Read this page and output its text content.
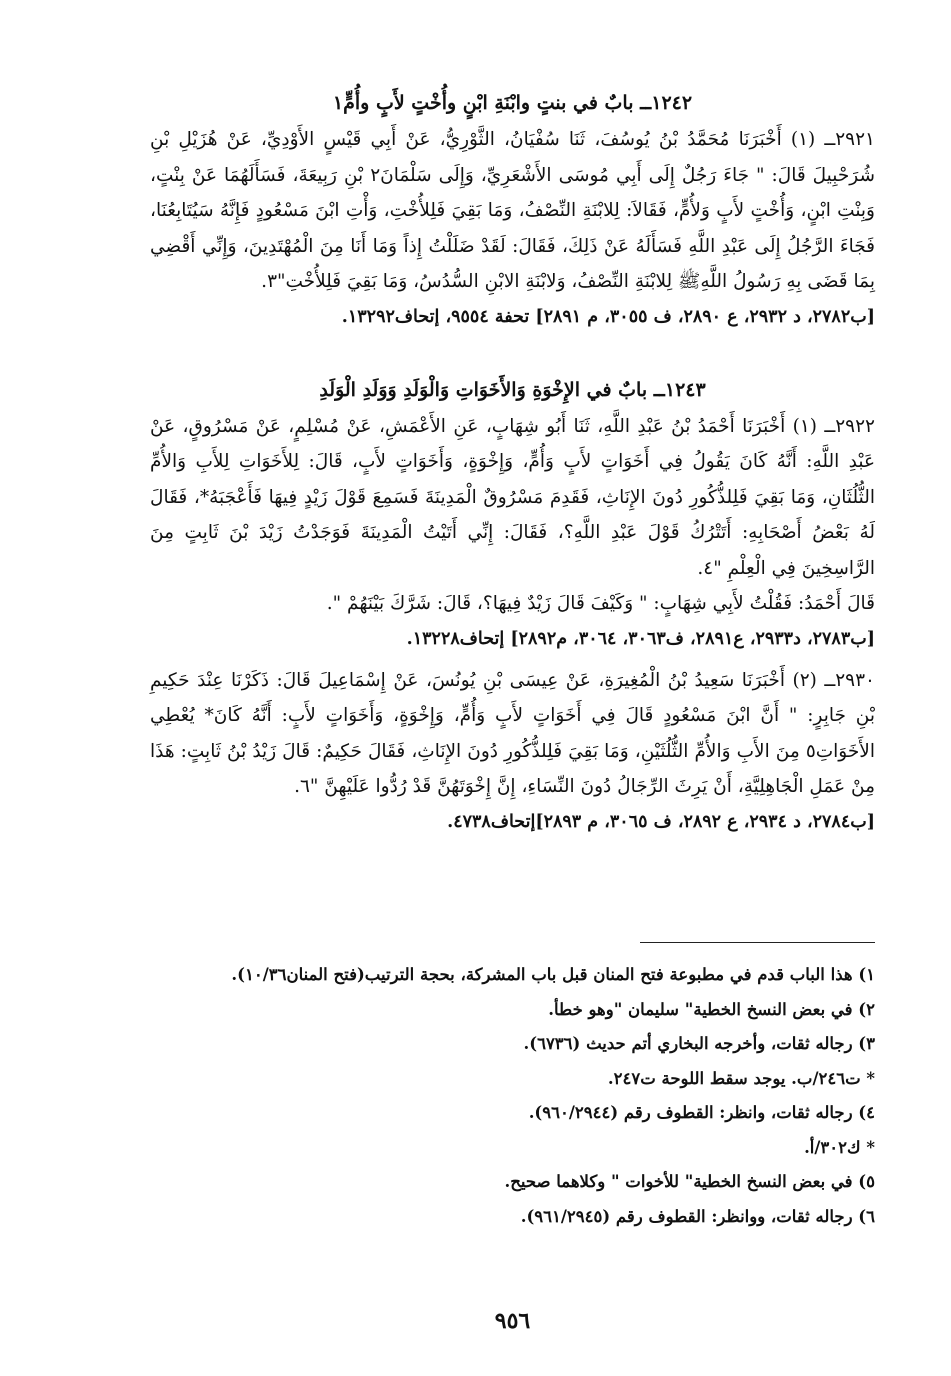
١٢٤٢ــ بابٌ في بنتٍ وابْنَةِ ابْنٍ وأُخْتٍ لأَبٍ وأُمٍّ١

٢٩٢١ــ (١) أَخْبَرَنَا مُحَمَّدُ بْنُ يُوسُفَ، ثَنَا سُفْيَانُ، الثَّوْرِيُّ، عَنْ أَبِي قَيْسٍ الأَوْدِيِّ، عَنْ هُزَيْلِ بْنِ شُرَحْبِيلَ قَالَ: " جَاءَ رَجُلٌ إِلَى أَبِي مُوسَى الأَشْعَرِيِّ، وَإِلَى سَلْمَانَ٢ بْنِ رَبِيعَةَ، فَسَأَلَهُمَا عَنْ بِنْتٍ، وَبِنْتِ ابْنٍ، وَأُخْتٍ لأَبٍ وَلأُمٍّ، فَقَالاَ: لِلابْنَةِ النِّصْفُ، وَمَا بَقِيَ فَلِلأُخْتِ، وَأْتِ ابْنَ مَسْعُودٍ فَإِنَّهُ سَيُتَابِعُنَا، فَجَاءَ الرَّجُلُ إِلَى عَبْدِ اللَّهِ فَسَأَلَهُ عَنْ ذَلِكَ، فَقَالَ: لَقَدْ ضَلَلْتُ إِذاً وَمَا أَنَا مِنَ الْمُهْتَدِينَ، وَإِنِّي أَقْضِي بِمَا قَضَى بِهِ رَسُولُ اللَّهِﷺ لِلابْنَةِ النِّصْفُ، وَلابْنَةِ الابْنِ السُّدُسُ، وَمَا بَقِيَ فَلِلأُخْتِ"٣.

[ب٢٧٨٢، د ٢٩٣٢، ع ٢٨٩٠، ف ٣٠٥٥، م ٢٨٩١] تحفة ٩٥٥٤، إتحاف١٣٢٩٢.

١٢٤٣ــ بابٌ في الإِخْوَةِ وَالأَخَوَاتِ وَالْوَلَدِ وَوَلَدِ الْوَلَدِ

٢٩٢٢ــ (١) أَخْبَرَنَا أَحْمَدُ بْنُ عَبْدِ اللَّهِ، ثَنَا أَبُو شِهَابٍ، عَنِ الأَعْمَشِ، عَنْ مُسْلِمٍ، عَنْ مَسْرُوقٍ، عَنْ عَبْدِ اللَّهِ: أَنَّهُ كَانَ يَقُولُ فِي أَخَوَاتٍ لأَبٍ وَأُمٍّ، وَإِخْوَةٍ، وَأَخَوَاتٍ لأَبٍ، قَالَ: لِلأَخَوَاتِ لِلأَبِ وَالأُمِّ الثُّلُثَانِ، وَمَا بَقِيَ فَلِلذُّكُورِ دُونَ الإِنَاثِ، فَقَدِمَ مَسْرُوقٌ الْمَدِينَةَ فَسَمِعَ قَوْلَ زَيْدٍ فِيهَا فَأَعْجَبَهُ*، فَقَالَ لَهُ بَعْضُ أَصْحَابِهِ: أَتَتْرُكُ قَوْلَ عَبْدِ اللَّهِ؟، فَقَالَ: إِنِّي أَتَيْتُ الْمَدِينَةَ فَوَجَدْتُ زَيْدَ بْنَ ثَابِتٍ مِنَ الرَّاسِخِينَ فِي الْعِلْمِ "٤.

قَالَ أَحْمَدُ: فَقُلْتُ لأَبِي شِهَابٍ: " وَكَيْفَ قَالَ زَيْدٌ فِيهَا؟، قَالَ: شَرَّكَ بَيْنَهُمْ ".

[ب٢٧٨٣، د٢٩٣٣، ع٢٨٩١، ف٣٠٦٣، ٣٠٦٤، م٢٨٩٢] إتحاف١٣٢٢٨.

٢٩٣٠ــ (٢) أَخْبَرَنَا سَعِيدُ بْنُ الْمُغِيرَةِ، عَنْ عِيسَى بْنِ يُونُسَ، عَنْ إِسْمَاعِيلَ قَالَ: ذَكَرْنَا عِنْدَ حَكِيمِ بْنِ جَابِرٍ: " أَنَّ ابْنَ مَسْعُودٍ قَالَ فِي أَخَوَاتٍ لأَبٍ وَأُمٍّ، وَإِخْوَةٍ، وَأَخَوَاتٍ لأَبٍ: أَنَّهُ كَانَ* يُعْطِي الأَخَوَاتِ٥ مِنَ الأَبِ وَالأُمِّ الثُّلُثَيْنِ، وَمَا بَقِيَ فَلِلذُّكُورِ دُونَ الإِنَاثِ، فَقَالَ حَكِيمٌ: قَالَ زَيْدُ بْنُ ثَابِتٍ: هَذَا مِنْ عَمَلِ الْجَاهِلِيَّةِ، أَنْ يَرِثَ الرِّجَالُ دُونَ النِّسَاءِ، إِنَّ إِخْوَتَهُنَّ قَدْ رُدُّوا عَلَيْهِنَّ "٦.

[ب٢٧٨٤، د ٢٩٣٤، ع ٢٨٩٢، ف ٣٠٦٥، م ٢٨٩٣]إتحاف٤٧٣٨.

١) هذا الباب قدم في مطبوعة فتح المنان قبل باب المشركة، بحجة الترتيب(فتح المنان١٠/٣٦).

٢) في بعض النسخ الخطية" سليمان "وهو خطأ.

٣) رجاله ثقات، وأخرجه البخاري أتم حديث (٦٧٣٦).

* ت٢٤٦/ب. يوجد سقط اللوحة ت٢٤٧.

٤) رجاله ثقات، وانظر: القطوف رقم (٩٦٠/٢٩٤٤).

* ك٣٠٢/أ.

٥) في بعض النسخ الخطية" للأخوات " وكلاهما صحيح.

٦) رجاله ثقات، ووانظر: القطوف رقم (٩٦١/٢٩٤٥).

٩٥٦
